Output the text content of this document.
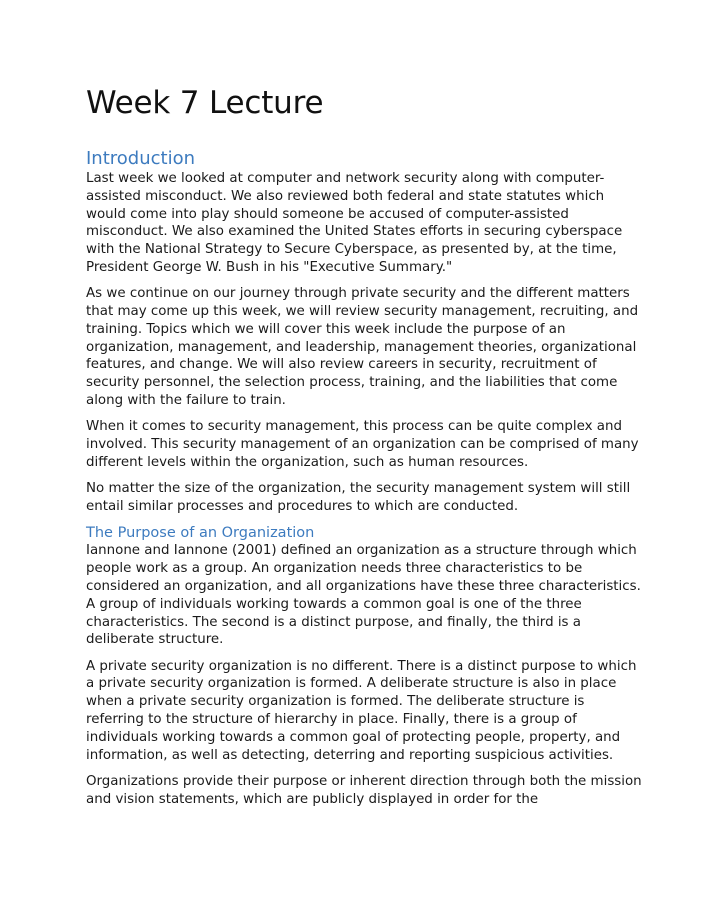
Week 7 Lecture
Introduction

Last week we looked at computer and network security along with computer-assisted misconduct. We also reviewed both federal and state statutes which would come into play should someone be accused of computer-assisted misconduct. We also examined the United States efforts in securing cyberspace with the National Strategy to Secure Cyberspace, as presented by, at the time, President George W. Bush in his "Executive Summary."

As we continue on our journey through private security and the different matters that may come up this week, we will review security management, recruiting, and training. Topics which we will cover this week include the purpose of an organization, management, and leadership, management theories, organizational features, and change. We will also review careers in security, recruitment of security personnel, the selection process, training, and the liabilities that come along with the failure to train.

When it comes to security management, this process can be quite complex and involved. This security management of an organization can be comprised of many different levels within the organization, such as human resources.

No matter the size of the organization, the security management system will still entail similar processes and procedures to which are conducted.

The Purpose of an Organization

Iannone and Iannone (2001) defined an organization as a structure through which people work as a group. An organization needs three characteristics to be considered an organization, and all organizations have these three characteristics. A group of individuals working towards a common goal is one of the three characteristics. The second is a distinct purpose, and finally, the third is a deliberate structure.

A private security organization is no different. There is a distinct purpose to which a private security organization is formed. A deliberate structure is also in place when a private security organization is formed. The deliberate structure is referring to the structure of hierarchy in place. Finally, there is a group of individuals working towards a common goal of protecting people, property, and information, as well as detecting, deterring and reporting suspicious activities.

Organizations provide their purpose or inherent direction through both the mission and vision statements, which are publicly displayed in order for the
